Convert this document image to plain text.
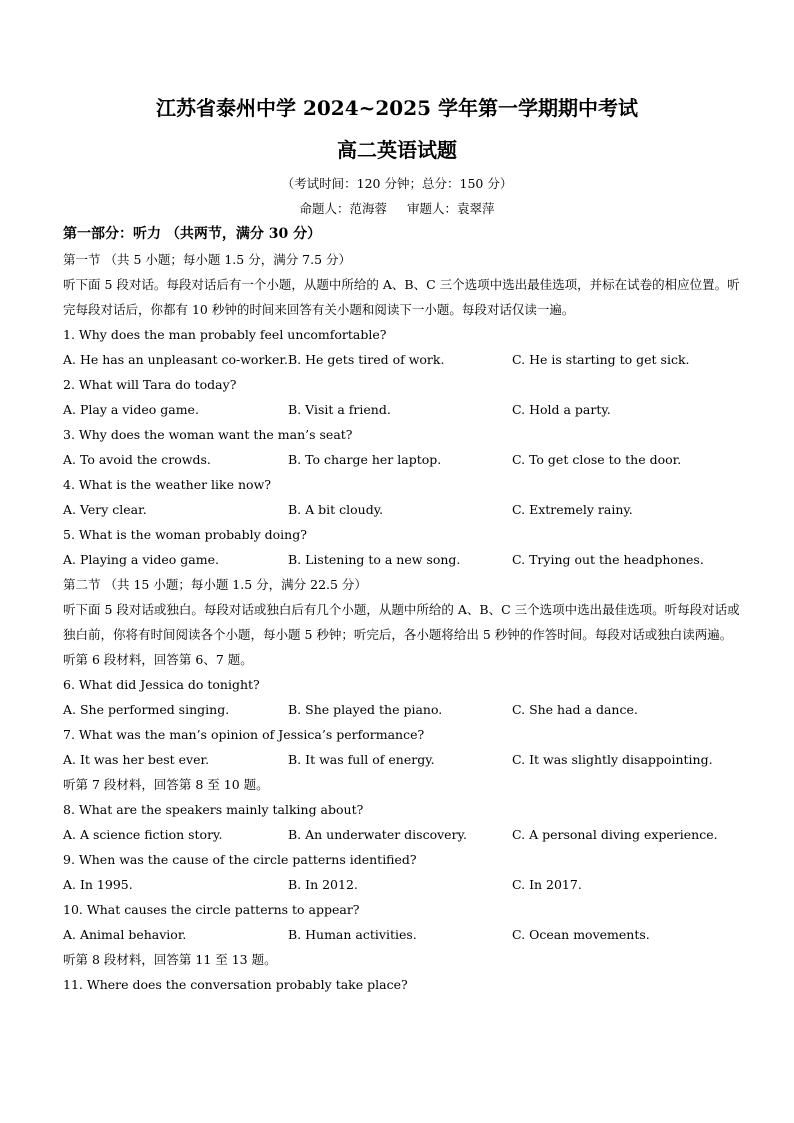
江苏省泰州中学 2024~2025 学年第一学期期中考试
高二英语试题
（考试时间：120 分钟；总分：150 分）
命题人：范海蓉 审题人：袁翠萍
第一部分：听力 （共两节，满分 30 分）
第一节 （共 5 小题；每小题 1.5 分，满分 7.5 分）
听下面 5 段对话。每段对话后有一个小题，从题中所给的 A、B、C 三个选项中选出最佳选项，并标在试卷的相应位置。听完每段对话后，你都有 10 秒钟的时间来回答有关小题和阅读下一小题。每段对话仅读一遍。
1. Why does the man probably feel uncomfortable?
A. He has an unpleasant co-worker. B. He gets tired of work.	C. He is starting to get sick.
2. What will Tara do today?
A. Play a video game.	B. Visit a friend.	C. Hold a party.
3. Why does the woman want the man’s seat?
A. To avoid the crowds.	B. To charge her laptop.	C. To get close to the door.
4. What is the weather like now?
A. Very clear.	B. A bit cloudy.	C. Extremely rainy.
5. What is the woman probably doing?
A. Playing a video game.	B. Listening to a new song.	C. Trying out the headphones.
第二节 （共 15 小题；每小题 1.5 分，满分 22.5 分）
听下面 5 段对话或独白。每段对话或独白后有几个小题，从题中所给的 A、B、C 三个选项中选出最佳选项。听每段对话或独白前，你将有时间阅读各个小题，每小题 5 秒钟；听完后，各小题将给出 5 秒钟的作答时间。每段对话或独白读两遍。
听第 6 段材料，回答第 6、7 题。
6. What did Jessica do tonight?
A. She performed singing.	B. She played the piano.	C. She had a dance.
7. What was the man’s opinion of Jessica’s performance?
A. It was her best ever.	B. It was full of energy.	C. It was slightly disappointing.
听第 7 段材料，回答第 8 至 10 题。
8. What are the speakers mainly talking about?
A. A science fiction story.	B. An underwater discovery.	C. A personal diving experience.
9. When was the cause of the circle patterns identified?
A. In 1995.	B. In 2012.	C. In 2017.
10. What causes the circle patterns to appear?
A. Animal behavior.	B. Human activities.	C. Ocean movements.
听第 8 段材料，回答第 11 至 13 题。
11. Where does the conversation probably take place?
